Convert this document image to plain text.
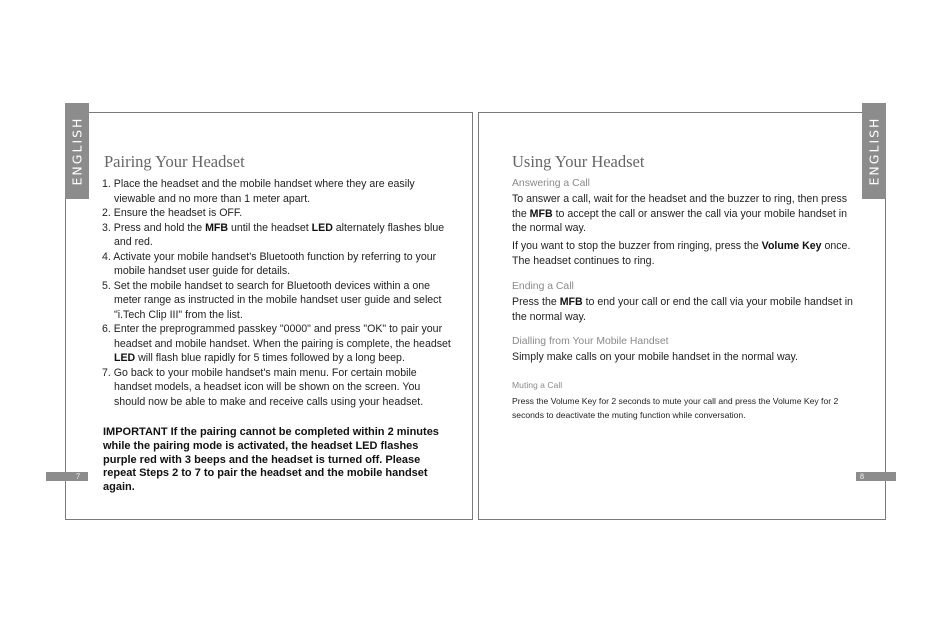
ENGLISH	ENGLISH
7	8
Pairing Your Headset
1. Place the headset and the mobile handset where they are easily viewable and no more than 1 meter apart.
2. Ensure the headset is OFF.
3. Press and hold the MFB until the headset LED alternately flashes blue and red.
4. Activate your mobile handset's Bluetooth function by referring to your mobile handset user guide for details.
5. Set the mobile handset to search for Bluetooth devices within a one meter range as instructed in the mobile handset user guide and select "i.Tech Clip III" from the list.
6. Enter the preprogrammed passkey "0000" and press "OK" to pair your headset and mobile handset. When the pairing is complete, the headset LED will flash blue rapidly for 5 times followed by a long beep.
7. Go back to your mobile handset's main menu. For certain mobile handset models, a headset icon will be shown on the screen. You should now be able to make and receive calls using your headset.

IMPORTANT If the pairing cannot be completed within 2 minutes while the pairing mode is activated, the headset LED flashes purple red with 3 beeps and the headset is turned off. Please repeat Steps 2 to 7 to pair the headset and the mobile handset again.

Using Your Headset
Answering a Call

To answer a call, wait for the headset and the buzzer to ring, then press the MFB to accept the call or answer the call via your mobile handset in the normal way.

If you want to stop the buzzer from ringing, press the Volume Key once. The headset continues to ring.

Ending a Call

Press the MFB to end your call or end the call via your mobile handset in the normal way.

Dialling from Your Mobile Handset

Simply make calls on your mobile handset in the normal way.

Muting a Call

Press the Volume Key for 2 seconds to mute your call and press the Volume Key for 2 seconds to deactivate the muting function while conversation.
